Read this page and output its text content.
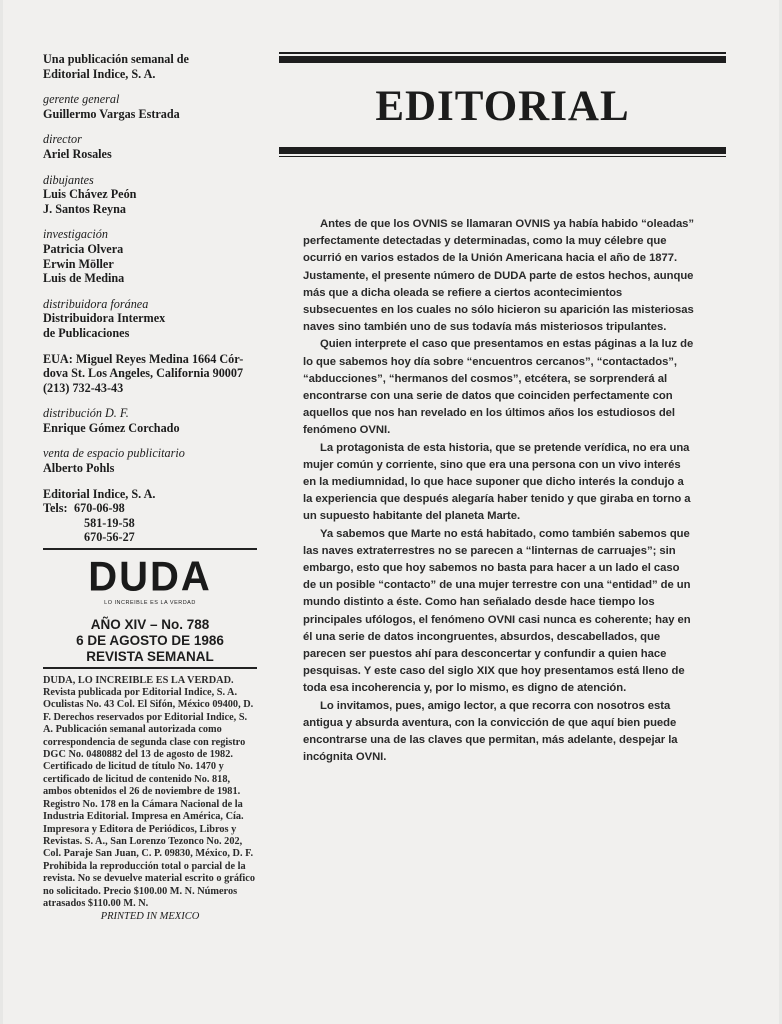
Una publicación semanal de
Editorial Indice, S. A.
gerente general
Guillermo Vargas Estrada
director
Ariel Rosales
dibujantes
Luis Chávez Peón
J. Santos Reyna
investigación
Patricia Olvera
Erwin Möller
Luis de Medina
distribuidora foránea
Distribuidora Intermex
de Publicaciones
EUA: Miguel Reyes Medina 1664 Cór-
dova St. Los Angeles, California 90007
(213) 732-43-43
distribución D. F.
Enrique Gómez Corchado
venta de espacio publicitario
Alberto Pohls
Editorial Indice, S. A.
Tels: 670-06-98
581-19-58
670-56-27
DUDA
LO INCREIBLE ES LA VERDAD
AÑO XIV – No. 788
6 DE AGOSTO DE 1986
REVISTA SEMANAL
DUDA, LO INCREIBLE ES LA VERDAD. Revista publicada por Editorial Indice, S. A. Oculistas No. 43 Col. El Sifón, México 09400, D. F. Derechos reservados por Editorial Indice, S. A. Publicación semanal autorizada como correspondencia de segunda clase con registro DGC No. 0480882 del 13 de agosto de 1982. Certificado de licitud de título No. 1470 y certificado de licitud de contenido No. 818, ambos obtenidos el 26 de noviembre de 1981. Registro No. 178 en la Cámara Nacional de la Industria Editorial. Impresa en América, Cía. Impresora y Editora de Periódicos, Libros y Revistas. S. A., San Lorenzo Tezonco No. 202, Col. Paraje San Juan, C. P. 09830, México, D. F. Prohibida la reproducción total o parcial de la revista. No se devuelve material escrito o gráfico no solicitado. Precio $100.00 M. N. Números atrasados $110.00 M. N.
PRINTED IN MEXICO
EDITORIAL

Antes de que los OVNIS se llamaran OVNIS ya había habido “oleadas” perfectamente detectadas y determinadas, como la muy célebre que ocurrió en varios estados de la Unión Americana hacia el año de 1877. Justamente, el presente número de DUDA parte de estos hechos, aunque más que a dicha oleada se refiere a ciertos acontecimientos subsecuentes en los cuales no sólo hicieron su aparición las misteriosas naves sino también uno de sus todavía más misteriosos tripulantes.

Quien interprete el caso que presentamos en estas páginas a la luz de lo que sabemos hoy día sobre “encuentros cercanos”, “contactados”, “abducciones”, “hermanos del cosmos”, etcétera, se sorprenderá al encontrarse con una serie de datos que coinciden perfectamente con aquellos que nos han revelado en los últimos años los estudiosos del fenómeno OVNI.

La protagonista de esta historia, que se pretende verídica, no era una mujer común y corriente, sino que era una persona con un vivo interés en la mediumnidad, lo que hace suponer que dicho interés la condujo a la experiencia que después alegaría haber tenido y que giraba en torno a un supuesto habitante del planeta Marte.

Ya sabemos que Marte no está habitado, como también sabemos que las naves extraterrestres no se parecen a “linternas de carruajes”; sin embargo, esto que hoy sabemos no basta para hacer a un lado el caso de un posible “contacto” de una mujer terrestre con una “entidad” de un mundo distinto a éste. Como han señalado desde hace tiempo los principales ufólogos, el fenómeno OVNI casi nunca es coherente; hay en él una serie de datos incongruentes, absurdos, descabellados, que parecen ser puestos ahí para desconcertar y confundir a quien hace pesquisas. Y este caso del siglo XIX que hoy presentamos está lleno de toda esa incoherencia y, por lo mismo, es digno de atención.

Lo invitamos, pues, amigo lector, a que recorra con nosotros esta antigua y absurda aventura, con la convicción de que aquí bien puede encontrarse una de las claves que permitan, más adelante, despejar la incógnita OVNI.
